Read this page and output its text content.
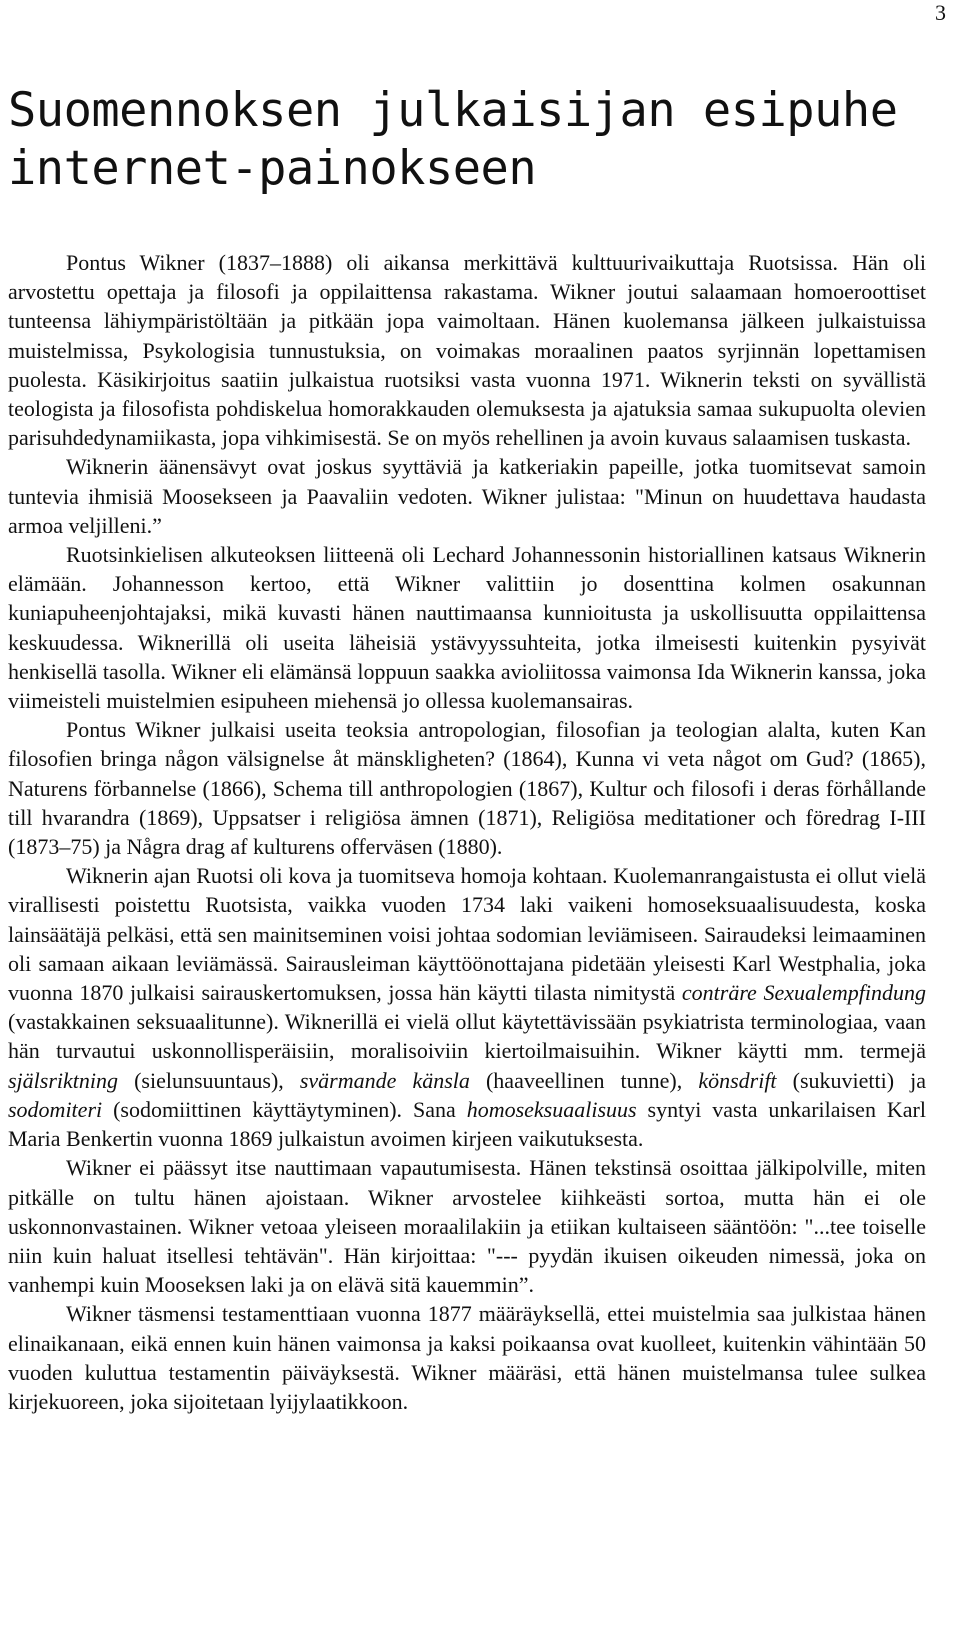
3
Suomennoksen julkaisijan esipuhe internet-painokseen

Pontus Wikner (1837–1888) oli aikansa merkittävä kulttuurivaikuttaja Ruotsissa. Hän oli arvostettu opettaja ja filosofi ja oppilaittensa rakastama. Wikner joutui salaamaan homoeroottiset tunteensa lähiympäristöltään ja pitkään jopa vaimoltaan. Hänen kuolemansa jälkeen julkaistuissa muistelmissa, Psykologisia tunnustuksia, on voimakas moraalinen paatos syrjinnän lopettamisen puolesta. Käsikirjoitus saatiin julkaistua ruotsiksi vasta vuonna 1971. Wiknerin teksti on syvällistä teologista ja filosofista pohdiskelua homorakkauden olemuksesta ja ajatuksia samaa sukupuolta olevien parisuhdedynamiikasta, jopa vihkimisestä. Se on myös rehellinen ja avoin kuvaus salaamisen tuskasta.

Wiknerin äänensävyt ovat joskus syyttäviä ja katkeriakin papeille, jotka tuomitsevat samoin tuntevia ihmisiä Moosekseen ja Paavaliin vedoten. Wikner julistaa: "Minun on huudettava haudasta armoa veljilleni.”

Ruotsinkielisen alkuteoksen liitteenä oli Lechard Johannessonin historiallinen katsaus Wiknerin elämään. Johannesson kertoo, että Wikner valittiin jo dosenttina kolmen osakunnan kuniapuheenjohtajaksi, mikä kuvasti hänen nauttimaansa kunnioitusta ja uskollisuutta oppilaittensa keskuudessa. Wiknerillä oli useita läheisiä ystävyyssuhteita, jotka ilmeisesti kuitenkin pysyivät henkisellä tasolla. Wikner eli elämänsä loppuun saakka avioliitossa vaimonsa Ida Wiknerin kanssa, joka viimeisteli muistelmien esipuheen miehensä jo ollessa kuolemansairas.

Pontus Wikner julkaisi useita teoksia antropologian, filosofian ja teologian alalta, kuten Kan filosofien bringa någon välsignelse åt mänskligheten? (1864), Kunna vi veta något om Gud? (1865), Naturens förbannelse (1866), Schema till anthropologien (1867), Kultur och filosofi i deras förhållande till hvarandra (1869), Uppsatser i religiösa ämnen (1871), Religiösa meditationer och föredrag I-III (1873–75) ja Några drag af kulturens offerväsen (1880).

Wiknerin ajan Ruotsi oli kova ja tuomitseva homoja kohtaan. Kuolemanrangaistusta ei ollut vielä virallisesti poistettu Ruotsista, vaikka vuoden 1734 laki vaikeni homoseksuaalisuudesta, koska lainsäätäjä pelkäsi, että sen mainitseminen voisi johtaa sodomian leviämiseen. Sairaudeksi leimaaminen oli samaan aikaan leviämässä. Sairausleiman käyttöönottajana pidetään yleisesti Karl Westphalia, joka vuonna 1870 julkaisi sairauskertomuksen, jossa hän käytti tilasta nimitystä conträre Sexualempfindung (vastakkainen seksuaalitunne). Wiknerillä ei vielä ollut käytettävissään psykiatrista terminologiaa, vaan hän turvautui uskonnollisperäisiin, moralisoiviin kiertoilmaisuihin. Wikner käytti mm. termejä själsriktning (sielunsuuntaus), svärmande känsla (haaveellinen tunne), könsdrift (sukuvietti) ja sodomiteri (sodomiittinen käyttäytyminen). Sana homoseksuaalisuus syntyi vasta unkarilaisen Karl Maria Benkertin vuonna 1869 julkaistun avoimen kirjeen vaikutuksesta.

Wikner ei päässyt itse nauttimaan vapautumisesta. Hänen tekstinsä osoittaa jälkipolville, miten pitkälle on tultu hänen ajoistaan. Wikner arvostelee kiihkeästi sortoa, mutta hän ei ole uskonnonvastainen. Wikner vetoaa yleiseen moraalilakiin ja etiikan kultaiseen sääntöön: "...tee toiselle niin kuin haluat itsellesi tehtävän". Hän kirjoittaa: "--- pyydän ikuisen oikeuden nimessä, joka on vanhempi kuin Mooseksen laki ja on elävä sitä kauemmin”.

Wikner täsmensi testamenttiaan vuonna 1877 määräyksellä, ettei muistelmia saa julkistaa hänen elinaikanaan, eikä ennen kuin hänen vaimonsa ja kaksi poikaansa ovat kuolleet, kuitenkin vähintään 50 vuoden kuluttua testamentin päiväyksestä. Wikner määräsi, että hänen muistelmansa tulee sulkea kirjekuoreen, joka sijoitetaan lyijylaatikkoon.
